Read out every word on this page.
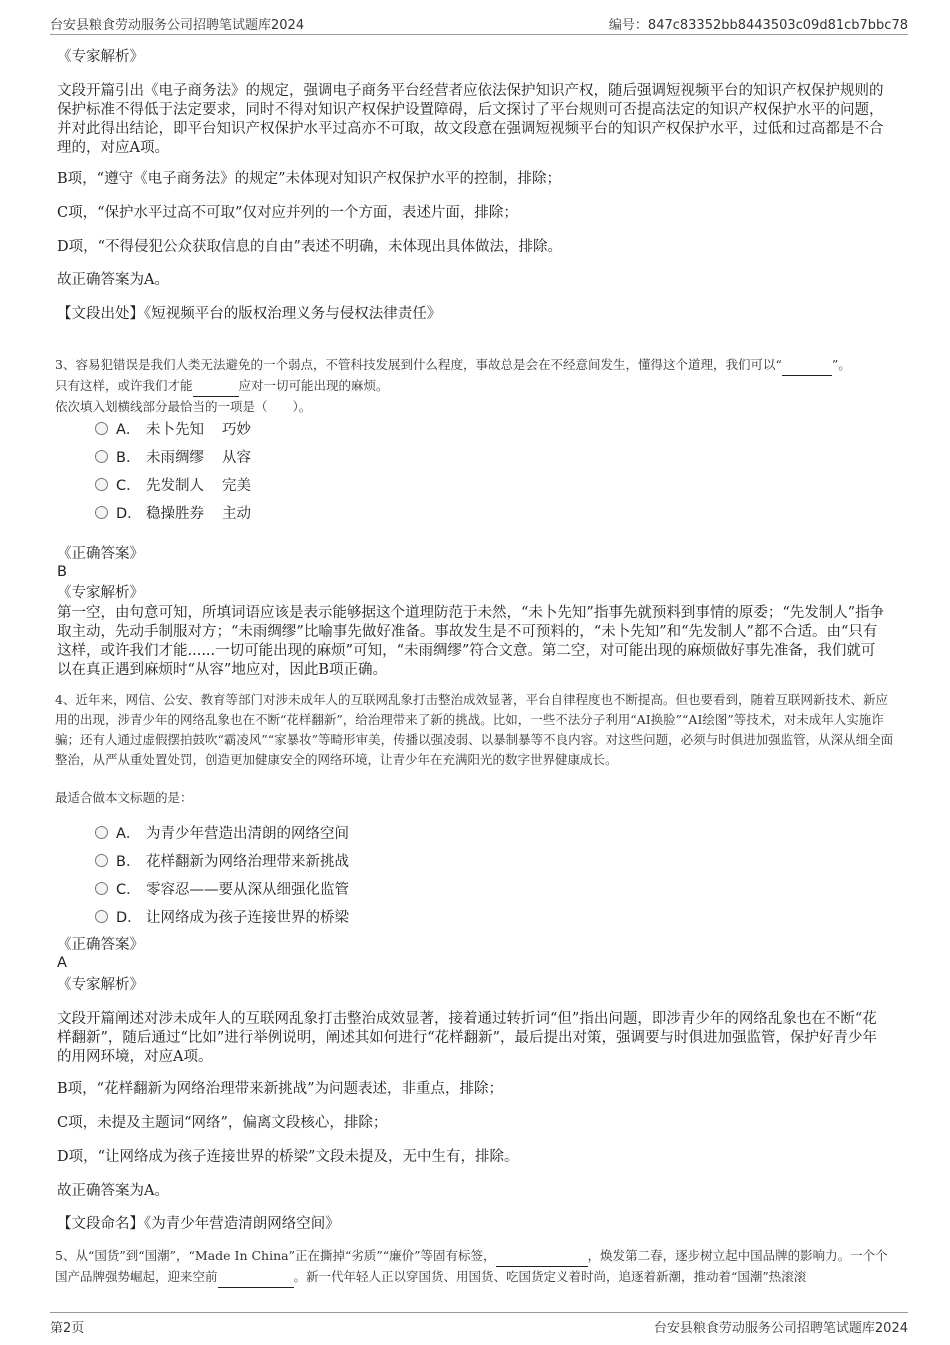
台安县粮食劳动服务公司招聘笔试题库2024	编号：847c83352bb8443503c09d81cb7bbc78
《专家解析》
文段开篇引出《电子商务法》的规定，强调电子商务平台经营者应依法保护知识产权，随后强调短视频平台的知识产权保护规则的保护标准不得低于法定要求，同时不得对知识产权保护设置障碍，后文探讨了平台规则可否提高法定的知识产权保护水平的问题，并对此得出结论，即平台知识产权保护水平过高亦不可取，故文段意在强调短视频平台的知识产权保护水平，过低和过高都是不合理的，对应A项。
B项，“遵守《电子商务法》的规定”未体现对知识产权保护水平的控制，排除；
C项，“保护水平过高不可取”仅对应并列的一个方面，表述片面，排除；
D项，“不得侵犯公众获取信息的自由”表述不明确，未体现出具体做法，排除。
故正确答案为A。
【文段出处】《短视频平台的版权治理义务与侵权法律责任》
3、容易犯错误是我们人类无法避免的一个弱点，不管科技发展到什么程度，事故总是会在不经意间发生，懂得这个道理，我们可以“	”。
只有这样，或许我们才能	应对一切可能出现的麻烦。
依次填入划横线部分最恰当的一项是（　　）。
A． 未卜先知 巧妙
B． 未雨绸缪 从容
C． 先发制人 完美
D． 稳操胜券 主动
《正确答案》
B
《专家解析》
第一空，由句意可知，所填词语应该是表示能够据这个道理防范于未然，“未卜先知”指事先就预料到事情的原委；“先发制人”指争取主动，先动手制服对方；“未雨绸缪”比喻事先做好准备。事故发生是不可预料的，“未卜先知”和“先发制人”都不合适。由“只有这样，或许我们才能......一切可能出现的麻烦”可知，“未雨绸缪”符合文意。第二空，对可能出现的麻烦做好事先准备，我们就可以在真正遇到麻烦时“从容”地应对，因此B项正确。
4、近年来，网信、公安、教育等部门对涉未成年人的互联网乱象打击整治成效显著，平台自律程度也不断提高。但也要看到，随着互联网新技术、新应用的出现，涉青少年的网络乱象也在不断“花样翻新”，给治理带来了新的挑战。比如，一些不法分子利用“AI换脸”“AI绘图”等技术，对未成年人实施诈骗；还有人通过虚假摆拍鼓吹“霸凌风”“家暴妆”等畸形审美，传播以强凌弱、以暴制暴等不良内容。对这些问题，必须与时俱进加强监管，从深从细全面整治，从严从重处置处罚，创造更加健康安全的网络环境，让青少年在充满阳光的数字世界健康成长。
最适合做本文标题的是：
A． 为青少年营造出清朗的网络空间
B． 花样翻新为网络治理带来新挑战
C． 零容忍——要从深从细强化监管
D． 让网络成为孩子连接世界的桥梁
《正确答案》
A
《专家解析》
文段开篇阐述对涉未成年人的互联网乱象打击整治成效显著，接着通过转折词“但”指出问题，即涉青少年的网络乱象也在不断“花样翻新”，随后通过“比如”进行举例说明，阐述其如何进行“花样翻新”，最后提出对策，强调要与时俱进加强监管，保护好青少年的用网环境，对应A项。
B项，“花样翻新为网络治理带来新挑战”为问题表述，非重点，排除；
C项，未提及主题词“网络”，偏离文段核心，排除；
D项，“让网络成为孩子连接世界的桥梁”文段未提及，无中生有，排除。
故正确答案为A。
【文段命名】《为青少年营造清朗网络空间》
5、从“国货”到“国潮”，“Made In China”正在撕掉“劣质”“廉价”等固有标签，	，焕发第二春，逐步树立起中国品牌的影响力。一个个国产品牌强势崛起，迎来空前	。新一代年轻人正以穿国货、用国货、吃国货定义着时尚，追逐着新潮，推动着“国潮”热滚滚
第2页	台安县粮食劳动服务公司招聘笔试题库2024
